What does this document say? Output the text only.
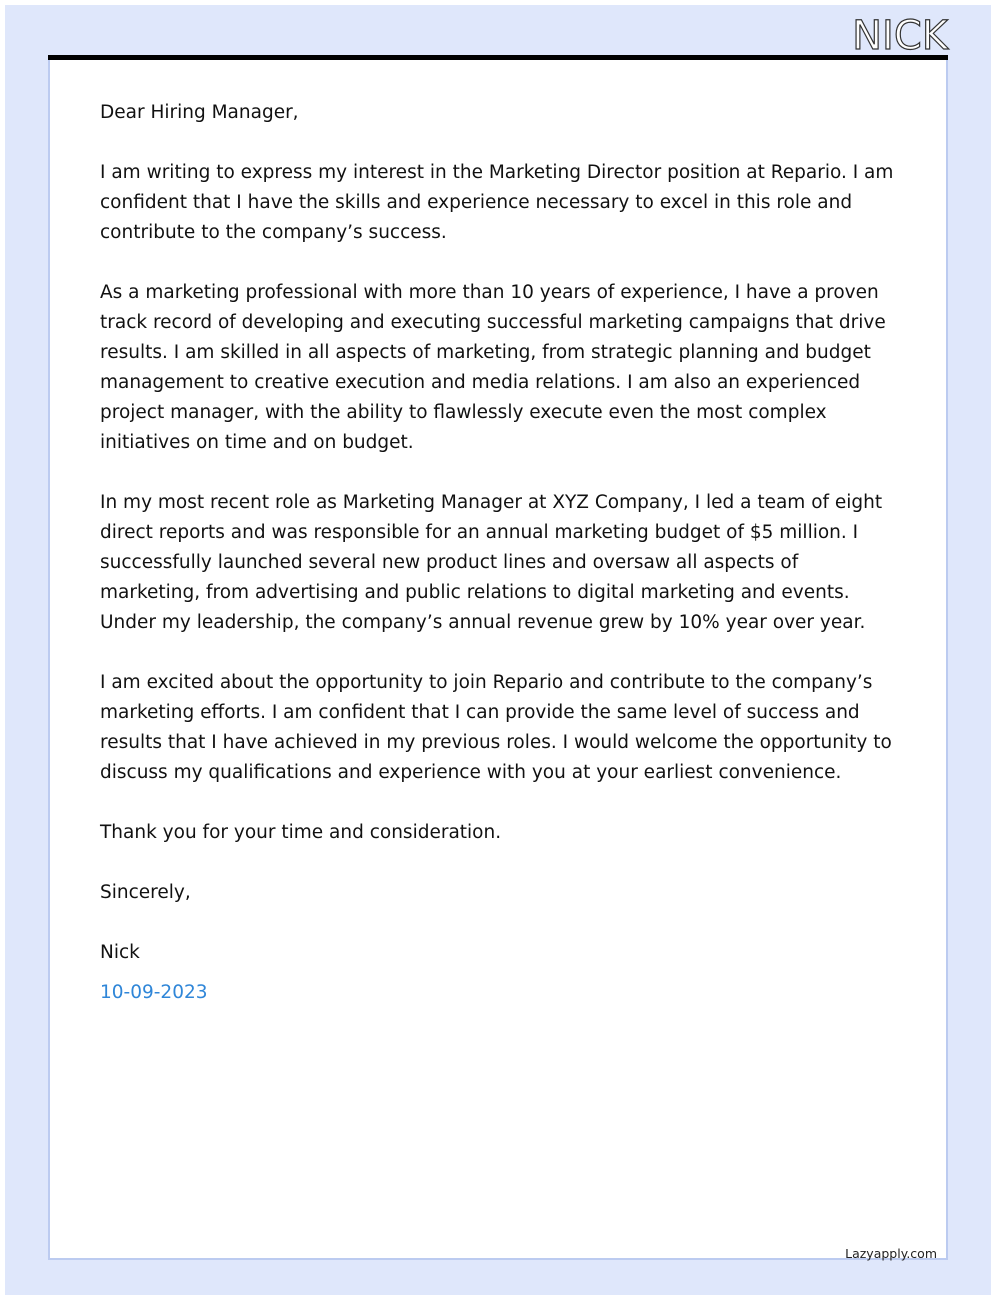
NICK

Dear Hiring Manager,

I am writing to express my interest in the Marketing Director position at Repario. I am confident that I have the skills and experience necessary to excel in this role and contribute to the company’s success.

As a marketing professional with more than 10 years of experience, I have a proven track record of developing and executing successful marketing campaigns that drive results. I am skilled in all aspects of marketing, from strategic planning and budget management to creative execution and media relations. I am also an experienced project manager, with the ability to flawlessly execute even the most complex initiatives on time and on budget.

In my most recent role as Marketing Manager at XYZ Company, I led a team of eight direct reports and was responsible for an annual marketing budget of $5 million. I successfully launched several new product lines and oversaw all aspects of marketing, from advertising and public relations to digital marketing and events. Under my leadership, the company’s annual revenue grew by 10% year over year.

I am excited about the opportunity to join Repario and contribute to the company’s marketing efforts. I am confident that I can provide the same level of success and results that I have achieved in my previous roles. I would welcome the opportunity to discuss my qualifications and experience with you at your earliest convenience.

Thank you for your time and consideration.

Sincerely,

Nick

10-09-2023

Lazyapply.com
